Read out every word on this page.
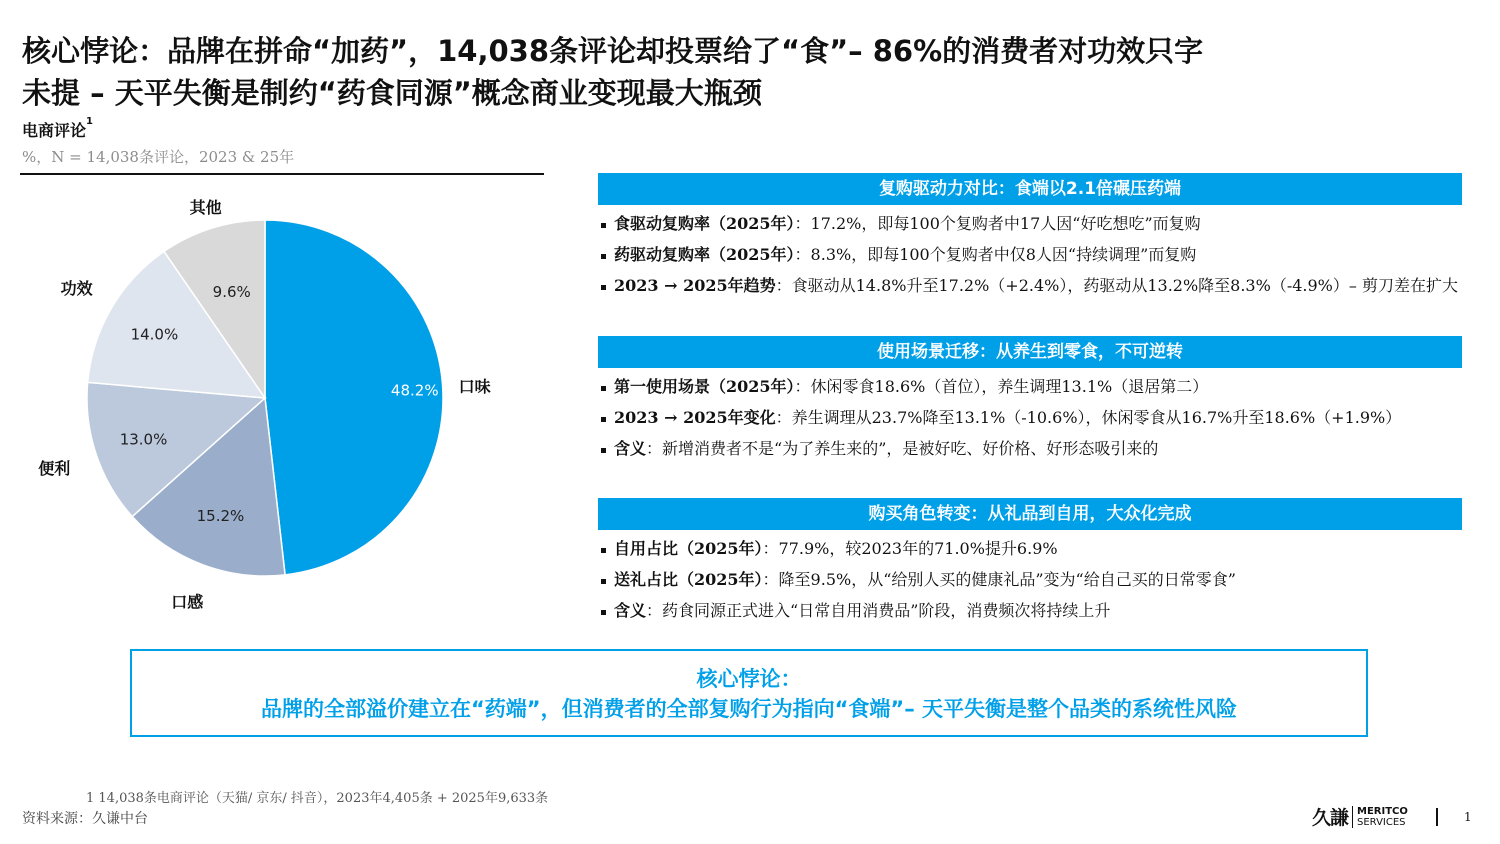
核心悖论：品牌在拼命“加药”，14,038条评论却投票给了“食”– 86%的消费者对功效只字
未提 – 天平失衡是制约“药食同源”概念商业变现最大瓶颈
电商评论$^1$
%，N = 14,038条评论，2023 & 25年
48.2% 口味
15.2%
口感
13.0%
便利
14.0%
功效	9.6%
其他
复购驱动力对比：食端以2.1倍碾压药端
食驱动复购率（2025年）：17.2%，即每100个复购者中17人因“好吃想吃”而复购
药驱动复购率（2025年）：8.3%，即每100个复购者中仅8人因“持续调理”而复购
2023 → 2025年趋势：食驱动从14.8%升至17.2%（+2.4%），药驱动从13.2%降至8.3%（-4.9%）– 剪刀差在扩大
使用场景迁移：从养生到零食，不可逆转
第一使用场景（2025年）：休闲零食18.6%（首位），养生调理13.1%（退居第二）
2023 → 2025年变化：养生调理从23.7%降至13.1%（-10.6%），休闲零食从16.7%升至18.6%（+1.9%）
含义：新增消费者不是“为了养生来的”，是被好吃、好价格、好形态吸引来的
购买角色转变：从礼品到自用，大众化完成
自用占比（2025年）：77.9%，较2023年的71.0%提升6.9%
送礼占比（2025年）：降至9.5%，从“给别人买的健康礼品”变为“给自己买的日常零食”
含义：药食同源正式进入“日常自用消费品”阶段，消费频次将持续上升
核心悖论：
品牌的全部溢价建立在“药端”，但消费者的全部复购行为指向“食端”– 天平失衡是整个品类的系统性风险
1 14,038条电商评论（天猫/ 京东/ 抖音），2023年4,405条 + 2025年9,633条
资料来源：久谦中台	久謙 MERITCO
SERVICES	1
